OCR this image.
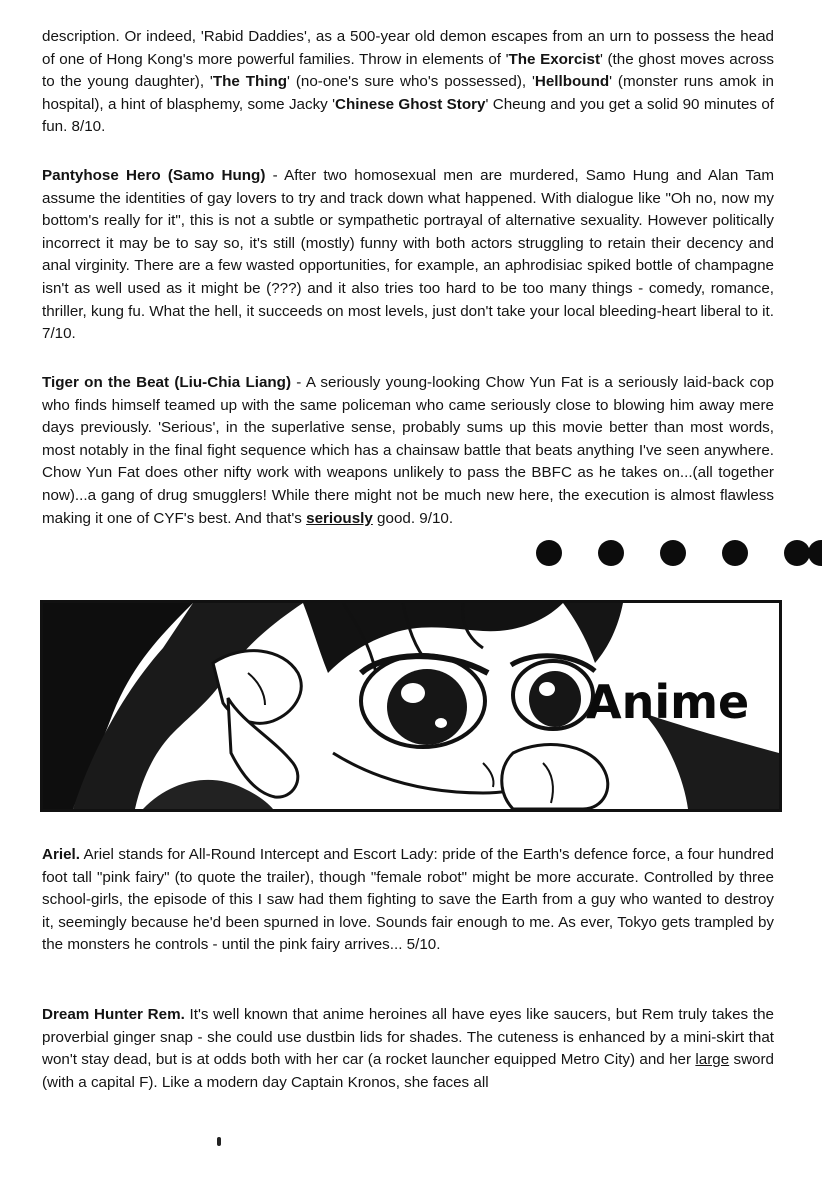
description. Or indeed, 'Rabid Daddies', as a 500-year old demon escapes from an urn to possess the head of one of Hong Kong's more powerful families. Throw in elements of 'The Exorcist' (the ghost moves across to the young daughter), 'The Thing' (no-one's sure who's possessed), 'Hellbound' (monster runs amok in hospital), a hint of blasphemy, some Jacky 'Chinese Ghost Story' Cheung and you get a solid 90 minutes of fun. 8/10.

Pantyhose Hero (Samo Hung) - After two homosexual men are murdered, Samo Hung and Alan Tam assume the identities of gay lovers to try and track down what happened. With dialogue like "Oh no, now my bottom's really for it", this is not a subtle or sympathetic portrayal of alternative sexuality. However politically incorrect it may be to say so, it's still (mostly) funny with both actors struggling to retain their decency and anal virginity. There are a few wasted opportunities, for example, an aphrodisiac spiked bottle of champagne isn't as well used as it might be (???) and it also tries too hard to be too many things - comedy, romance, thriller, kung fu. What the hell, it succeeds on most levels, just don't take your local bleeding-heart liberal to it. 7/10.

Tiger on the Beat (Liu-Chia Liang) - A seriously young-looking Chow Yun Fat is a seriously laid-back cop who finds himself teamed up with the same policeman who came seriously close to blowing him away mere days previously. 'Serious', in the superlative sense, probably sums up this movie better than most words, most notably in the final fight sequence which has a chainsaw battle that beats anything I've seen anywhere. Chow Yun Fat does other nifty work with weapons unlikely to pass the BBFC as he takes on...(all together now)...a gang of drug smugglers! While there might not be much new here, the execution is almost flawless making it one of CYF's best. And that's seriously good. 9/10.

Anime

Ariel. Ariel stands for All-Round Intercept and Escort Lady: pride of the Earth's defence force, a four hundred foot tall "pink fairy" (to quote the trailer), though "female robot" might be more accurate. Controlled by three school-girls, the episode of this I saw had them fighting to save the Earth from a guy who wanted to destroy it, seemingly because he'd been spurned in love. Sounds fair enough to me. As ever, Tokyo gets trampled by the monsters he controls - until the pink fairy arrives... 5/10.

Dream Hunter Rem. It's well known that anime heroines all have eyes like saucers, but Rem truly takes the proverbial ginger snap - she could use dustbin lids for shades. The cuteness is enhanced by a mini-skirt that won't stay dead, but is at odds both with her car (a rocket launcher equipped Metro City) and her large sword (with a capital F). Like a modern day Captain Kronos, she faces all
